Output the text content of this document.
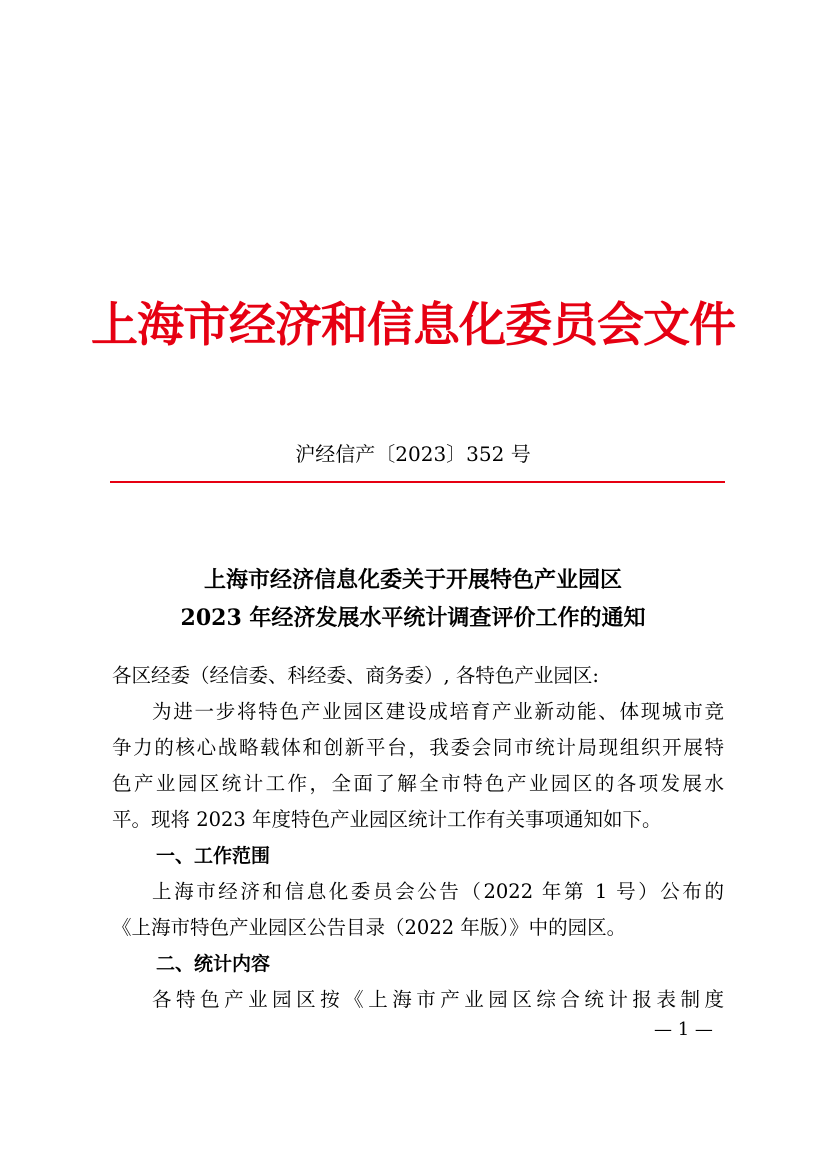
上海市经济和信息化委员会文件
沪经信产〔2023〕352 号
上海市经济信息化委关于开展特色产业园区
2023 年经济发展水平统计调查评价工作的通知
各区经委（经信委、科经委、商务委）, 各特色产业园区:
为进一步将特色产业园区建设成培育产业新动能、体现城市竞
争力的核心战略载体和创新平台，我委会同市统计局现组织开展特
色产业园区统计工作，全面了解全市特色产业园区的各项发展水
平。现将 2023 年度特色产业园区统计工作有关事项通知如下。
一、工作范围
上海市经济和信息化委员会公告（2022 年第 1 号）公布的
《上海市特色产业园区公告目录（2022 年版）》中的园区。
二、统计内容
各特色产业园区按《上海市产业园区综合统计报表制度
— 1 —
